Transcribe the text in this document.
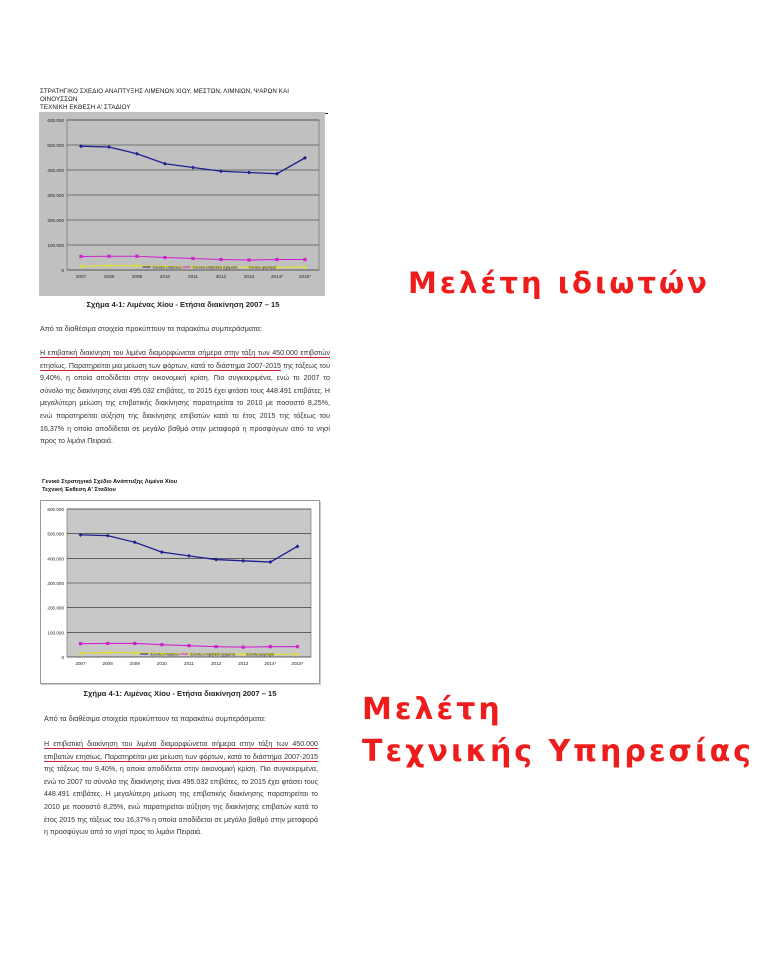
ΣΤΡΑΤΗΓΙΚΟ ΣΧΕΔΙΟ ΑΝΑΠΤΥΞΗΣ ΛΙΜΕΝΩΝ ΧΙΟΥ, ΜΕΣΤΩΝ, ΛΙΜΝΙΩΝ, ΨΑΡΩΝ ΚΑΙ ΟΙΝΟΥΣΣΩΝ
ΤΕΧΝΙΚΗ ΕΚΘΕΣΗ Α' ΣΤΑΔΙΟΥ
0
100.000
200.000
300.000
400.000
500.000
600.000
2007	2008	2009	2010	2011	2012	2013	2014*	2015*
Σύνολο επιβατών	Σύνολο επιβατικά σχήματα	Σύνολο φορτηγά
Σχήμα 4-1: Λιμένας Χίου - Ετήσια διακίνηση 2007 – 15
Από τα διαθέσιμα στοιχεία προκύπτουν τα παρακάτω συμπεράσματα:
Η επιβατική διακίνηση του λιμένα διαμορφώνεται σήμερα στην τάξη των 450.000 επιβατών ετησίως. Παρατηρείται μια μείωση των φόρτων, κατά το διάστημα 2007-2015 της τάξεως του 9,40%, η οποία αποδίδεται στην οικονομική κρίση. Πιο συγκεκριμένα, ενώ το 2007 το σύνολο της διακίνησης είναι 495.032 επιβάτες, το 2015 έχει φτάσει τους 448.491 επιβάτες. Η μεγαλύτερη μείωση της επιβατικής διακίνησης παρατηρείται το 2010 με ποσοστό 8,25%, ενώ παρατηρείται αύξηση της διακίνησης επιβατών κατά το έτος 2015 της τάξεως του 16,37% η οποία αποδίδεται σε μεγάλο βαθμό στην μεταφορά η προσφύγων από το νησί προς το λιμάνι Πειραιά.
Μελέτη ιδιωτών
Γενικό Στρατηγικό Σχέδιο Ανάπτυξης Λιμένα Χίου
Τεχνική Έκθεση Α' Σταδίου
0
100.000
200.000
300.000
400.000
500.000
600.000
2007	2008	2009	2010	2011	2012	2013	2014*	2015*
Σύνολο επιβατών	Σύνολο επιβατικά σχήματα	Σύνολο φορτηγά
Σχήμα 4-1: Λιμένας Χίου - Ετήσια διακίνηση 2007 – 15
Από τα διαθέσιμα στοιχεία προκύπτουν τα παρακάτω συμπεράσματα:
Η επιβατική διακίνηση του λιμένα διαμορφώνεται σήμερα στην τάξη των 450.000 επιβατών ετησίως. Παρατηρείται μια μείωση των φόρτων, κατά το διάστημα 2007-2015 της τάξεως του 9,40%, η οποία αποδίδεται στην οικονομική κρίση. Πιο συγκεκριμένα, ενώ το 2007 το σύνολο της διακίνησης είναι 495.032 επιβάτες, το 2015 έχει φτάσει τους 448.491 επιβάτες. Η μεγαλύτερη μείωση της επιβατικής διακίνησης παρατηρείται το 2010 με ποσοστό 8,25%, ενώ παρατηρείται αύξηση της διακίνησης επιβατών κατά το έτος 2015 της τάξεως του 16,37% η οποία αποδίδεται σε μεγάλο βαθμό στην μεταφορά η προσφύγων από το νησί προς το λιμάνι Πειραιά.
Μελέτη
Τεχνικής Υπηρεσίας
